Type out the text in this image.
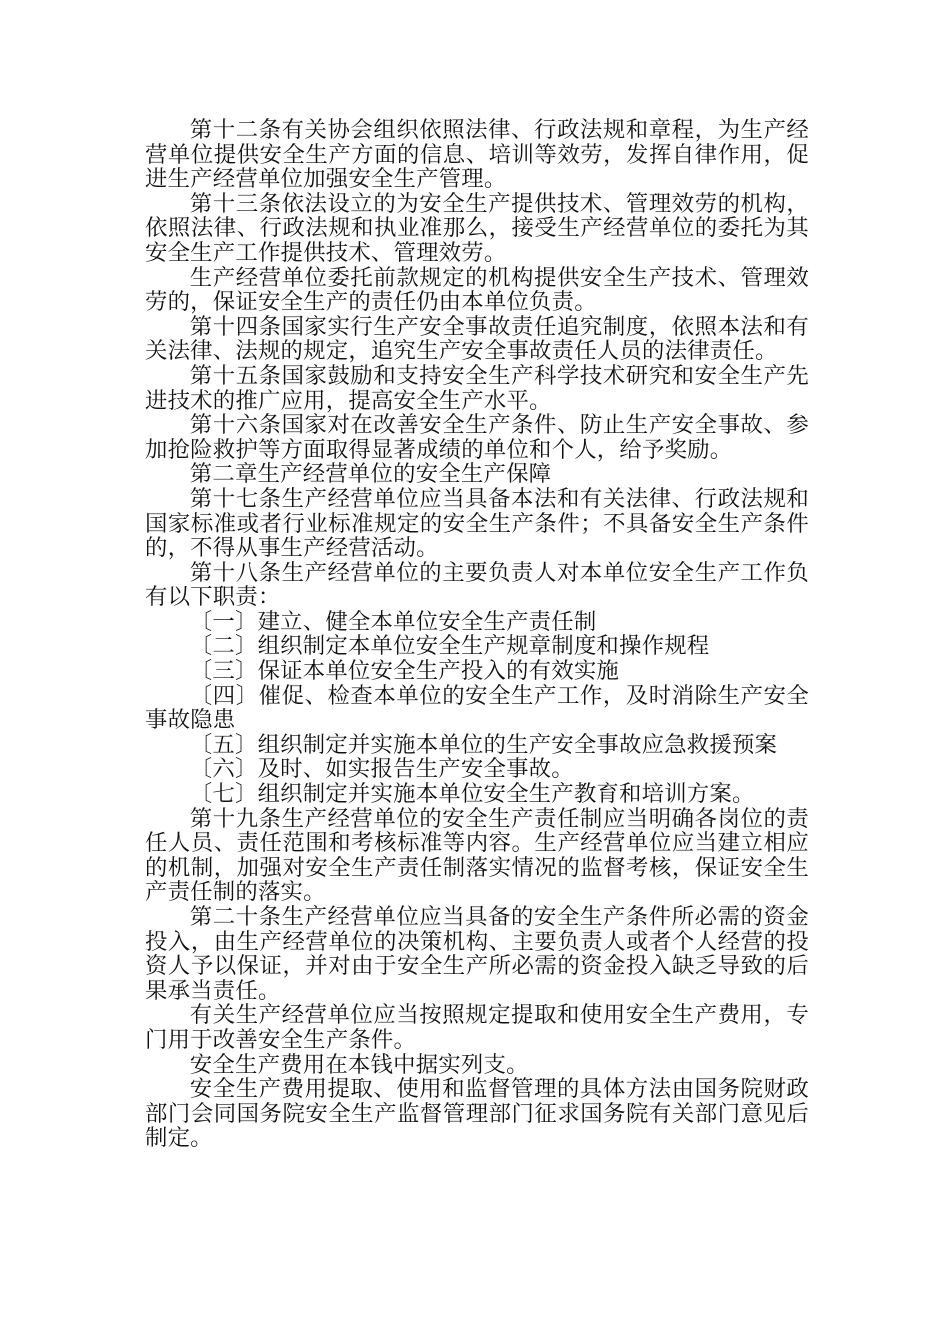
第十二条有关协会组织依照法律、行政法规和章程，为生产经营单位提供安全生产方面的信息、培训等效劳，发挥自律作用，促进生产经营单位加强安全生产管理。

第十三条依法设立的为安全生产提供技术、管理效劳的机构，依照法律、行政法规和执业准那么，接受生产经营单位的委托为其安全生产工作提供技术、管理效劳。

生产经营单位委托前款规定的机构提供安全生产技术、管理效劳的，保证安全生产的责任仍由本单位负责。

第十四条国家实行生产安全事故责任追究制度，依照本法和有关法律、法规的规定，追究生产安全事故责任人员的法律责任。

第十五条国家鼓励和支持安全生产科学技术研究和安全生产先进技术的推广应用，提高安全生产水平。

第十六条国家对在改善安全生产条件、防止生产安全事故、参加抢险救护等方面取得显著成绩的单位和个人，给予奖励。

第二章生产经营单位的安全生产保障

第十七条生产经营单位应当具备本法和有关法律、行政法规和国家标准或者行业标准规定的安全生产条件；不具备安全生产条件的，不得从事生产经营活动。

第十八条生产经营单位的主要负责人对本单位安全生产工作负有以下职责：

〔一〕建立、健全本单位安全生产责任制

〔二〕组织制定本单位安全生产规章制度和操作规程

〔三〕保证本单位安全生产投入的有效实施

〔四〕催促、检查本单位的安全生产工作，及时消除生产安全事故隐患

〔五〕组织制定并实施本单位的生产安全事故应急救援预案

〔六〕及时、如实报告生产安全事故。

〔七〕组织制定并实施本单位安全生产教育和培训方案。

第十九条生产经营单位的安全生产责任制应当明确各岗位的责任人员、责任范围和考核标准等内容。生产经营单位应当建立相应的机制，加强对安全生产责任制落实情况的监督考核，保证安全生产责任制的落实。

第二十条生产经营单位应当具备的安全生产条件所必需的资金投入，由生产经营单位的决策机构、主要负责人或者个人经营的投资人予以保证，并对由于安全生产所必需的资金投入缺乏导致的后果承当责任。

有关生产经营单位应当按照规定提取和使用安全生产费用，专门用于改善安全生产条件。

安全生产费用在本钱中据实列支。

安全生产费用提取、使用和监督管理的具体方法由国务院财政部门会同国务院安全生产监督管理部门征求国务院有关部门意见后制定。
